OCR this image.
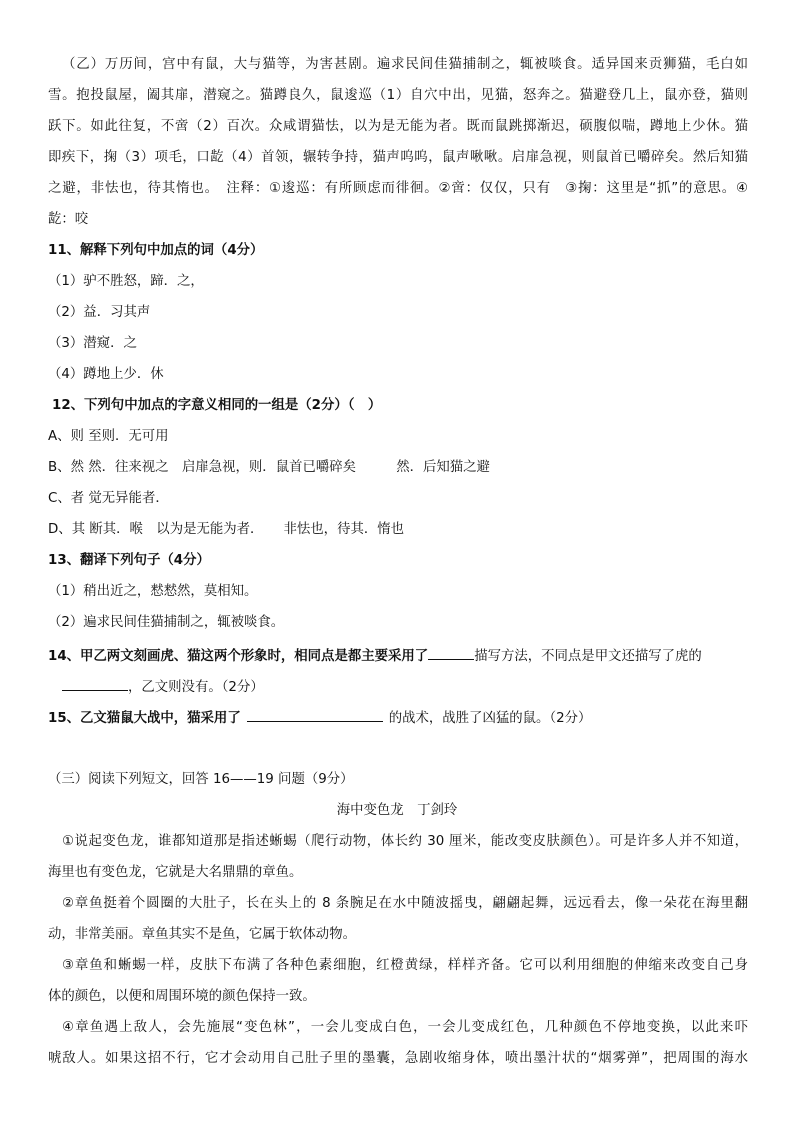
（乙）万历间，宫中有鼠，大与猫等，为害甚剧。遍求民间佳猫捕制之，辄被啖食。适异国来贡狮猫，毛白如
雪。抱投鼠屋，阖其扉，潜窥之。猫蹲良久，鼠逡巡（1）自穴中出，见猫，怒奔之。猫避登几上，鼠亦登，猫则
跃下。如此往复，不啻（2）百次。众咸谓猫怯，以为是无能为者。既而鼠跳掷渐迟，硕腹似喘，蹲地上少休。猫
即疾下，掬（3）项毛，口龁（4）首领，辗转争持，猫声呜呜，鼠声啾啾。启扉急视，则鼠首已嚼碎矣。然后知猫
之避，非怯也，待其惰也。　注释：①逡巡：有所顾虑而徘徊。②啻：仅仅，只有　③掬：这里是“抓”的意思。④
龁：咬
11、解释下列句中加点的词（4分）
（1）驴不胜怒，蹄．之，
（2）益．习其声
（3）潜窥．之
（4）蹲地上少．休
12、下列句中加点的字意义相同的一组是（2分）（　）
A、则 至则．无可用
B、然 然．往来视之　启扉急视，则．鼠首已嚼碎矣　　　然．后知猫之避
C、者 觉无异能者．
D、其 断其．喉　以为是无能为者．　　非怯也，待其．惰也
13、翻译下列句子（4分）
（1）稍出近之，慭慭然，莫相知。
（2）遍求民间佳猫捕制之，辄被啖食。
14、甲乙两文刻画虎、猫这两个形象时，相同点是都主要采用了	描写方法，不同点是甲文还描写了虎的
，乙文则没有。（2分）
15、乙文猫鼠大战中，猫采用了	的战术，战胜了凶猛的鼠。（2分）
（三）阅读下列短文，回答 16——19 问题（9分）
海中变色龙　丁剑玲
①说起变色龙，谁都知道那是指述蜥蜴（爬行动物，体长约 30 厘米，能改变皮肤颜色）。可是许多人并不知道，
海里也有变色龙，它就是大名鼎鼎的章鱼。
②章鱼挺着个圆圈的大肚子，长在头上的 8 条腕足在水中随波摇曳，翩翩起舞，远远看去，像一朵花在海里翻
动，非常美丽。章鱼其实不是鱼，它属于软体动物。
③章鱼和蜥蜴一样，皮肤下布满了各种色素细胞，红橙黄绿，样样齐备。它可以利用细胞的伸缩来改变自己身
体的颜色，以便和周围环境的颜色保持一致。
④章鱼遇上敌人，会先施展“变色林”，一会儿变成白色，一会儿变成红色，几种颜色不停地变换，以此来吓
唬敌人。如果这招不行，它才会动用自己肚子里的墨囊，急剧收缩身体，喷出墨汁状的“烟雾弹”，把周围的海水
